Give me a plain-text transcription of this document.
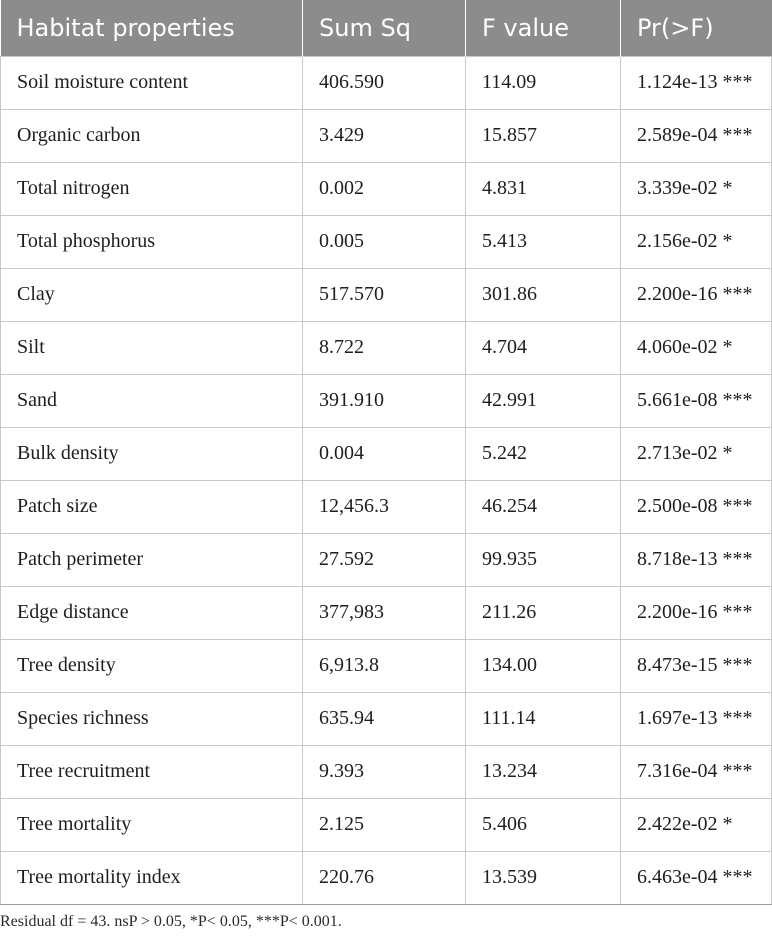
Habitat properties	Sum Sq	F value	Pr(>F)
Soil moisture content	406.590	114.09	1.124e-13 ***
Organic carbon	3.429	15.857	2.589e-04 ***
Total nitrogen	0.002	4.831	3.339e-02 *
Total phosphorus	0.005	5.413	2.156e-02 *
Clay	517.570	301.86	2.200e-16 ***
Silt	8.722	4.704	4.060e-02 *
Sand	391.910	42.991	5.661e-08 ***
Bulk density	0.004	5.242	2.713e-02 *
Patch size	12,456.3	46.254	2.500e-08 ***
Patch perimeter	27.592	99.935	8.718e-13 ***
Edge distance	377,983	211.26	2.200e-16 ***
Tree density	6,913.8	134.00	8.473e-15 ***
Species richness	635.94	111.14	1.697e-13 ***
Tree recruitment	9.393	13.234	7.316e-04 ***
Tree mortality	2.125	5.406	2.422e-02 *
Tree mortality index	220.76	13.539	6.463e-04 ***
Residual df = 43. nsP > 0.05, *P< 0.05, ***P< 0.001.
